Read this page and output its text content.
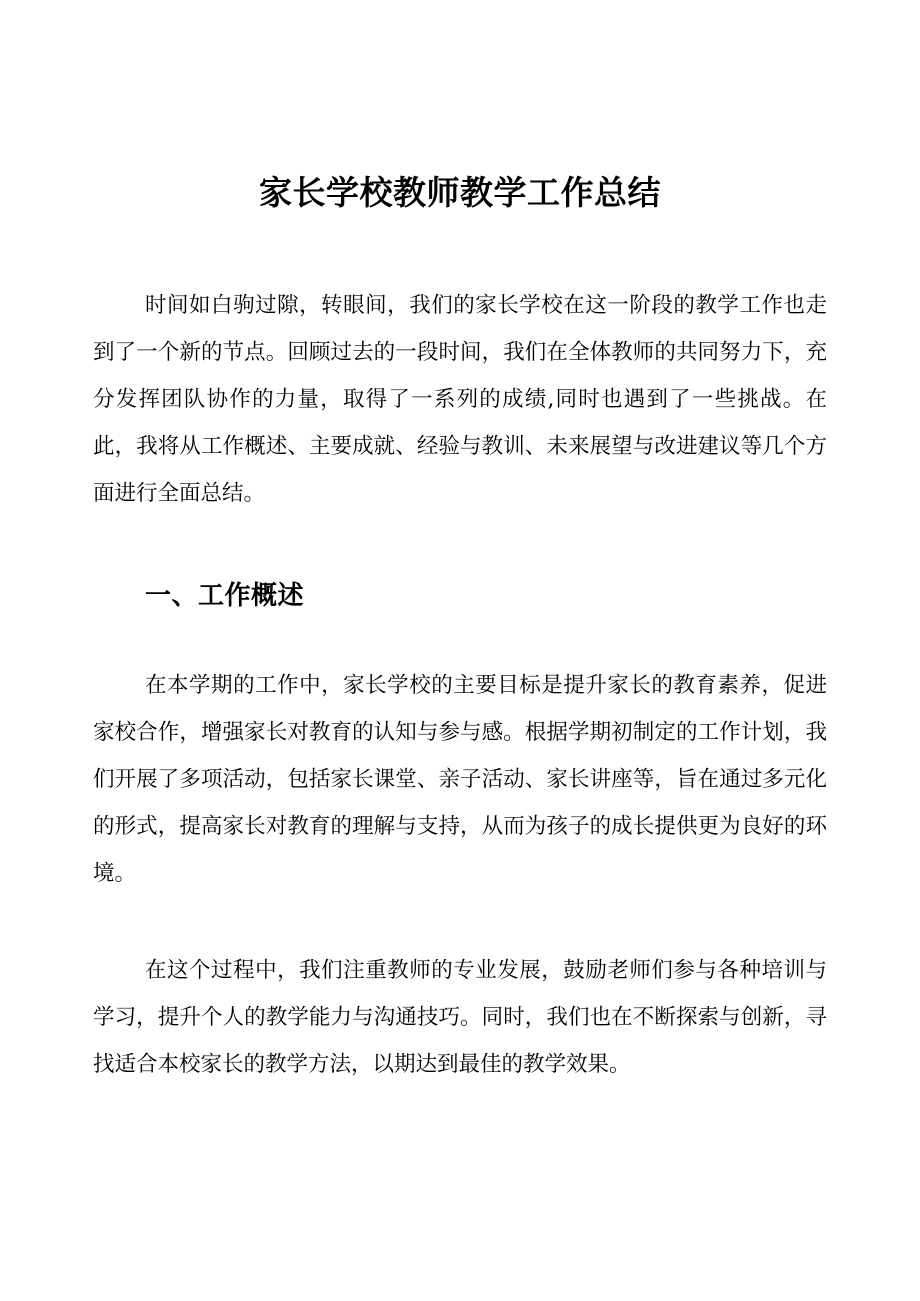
家长学校教师教学工作总结

时间如白驹过隙，转眼间，我们的家长学校在这一阶段的教学工作也走到了一个新的节点。回顾过去的一段时间，我们在全体教师的共同努力下，充分发挥团队协作的力量，取得了一系列的成绩,同时也遇到了一些挑战。在此，我将从工作概述、主要成就、经验与教训、未来展望与改进建议等几个方面进行全面总结。

一、工作概述

在本学期的工作中，家长学校的主要目标是提升家长的教育素养，促进家校合作，增强家长对教育的认知与参与感。根据学期初制定的工作计划，我们开展了多项活动，包括家长课堂、亲子活动、家长讲座等，旨在通过多元化的形式，提高家长对教育的理解与支持，从而为孩子的成长提供更为良好的环境。

在这个过程中，我们注重教师的专业发展，鼓励老师们参与各种培训与学习，提升个人的教学能力与沟通技巧。同时，我们也在不断探索与创新，寻找适合本校家长的教学方法，以期达到最佳的教学效果。
